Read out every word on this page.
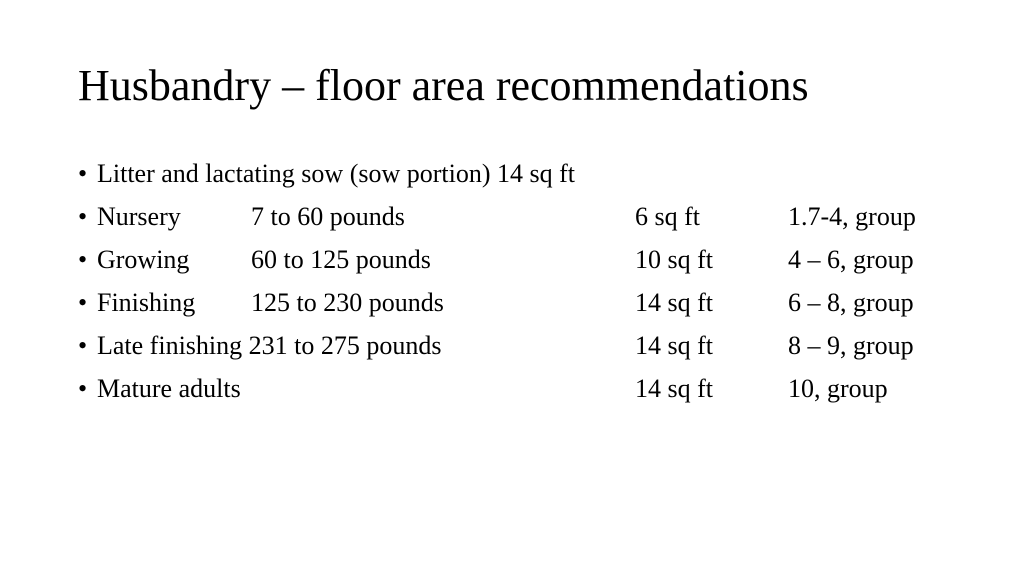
Husbandry – floor area recommendations
• Litter and lactating sow (sow portion) 14 sq ft
• Nursery	7 to 60 pounds	6 sq ft	1.7-4, group
• Growing 60 to 125 pounds	10 sq ft	4 – 6, group
• Finishing 125 to 230 pounds	14 sq ft	6 – 8, group
• Late finishing 231 to 275 pounds	14 sq ft	8 – 9, group
• Mature adults	14 sq ft	10, group
